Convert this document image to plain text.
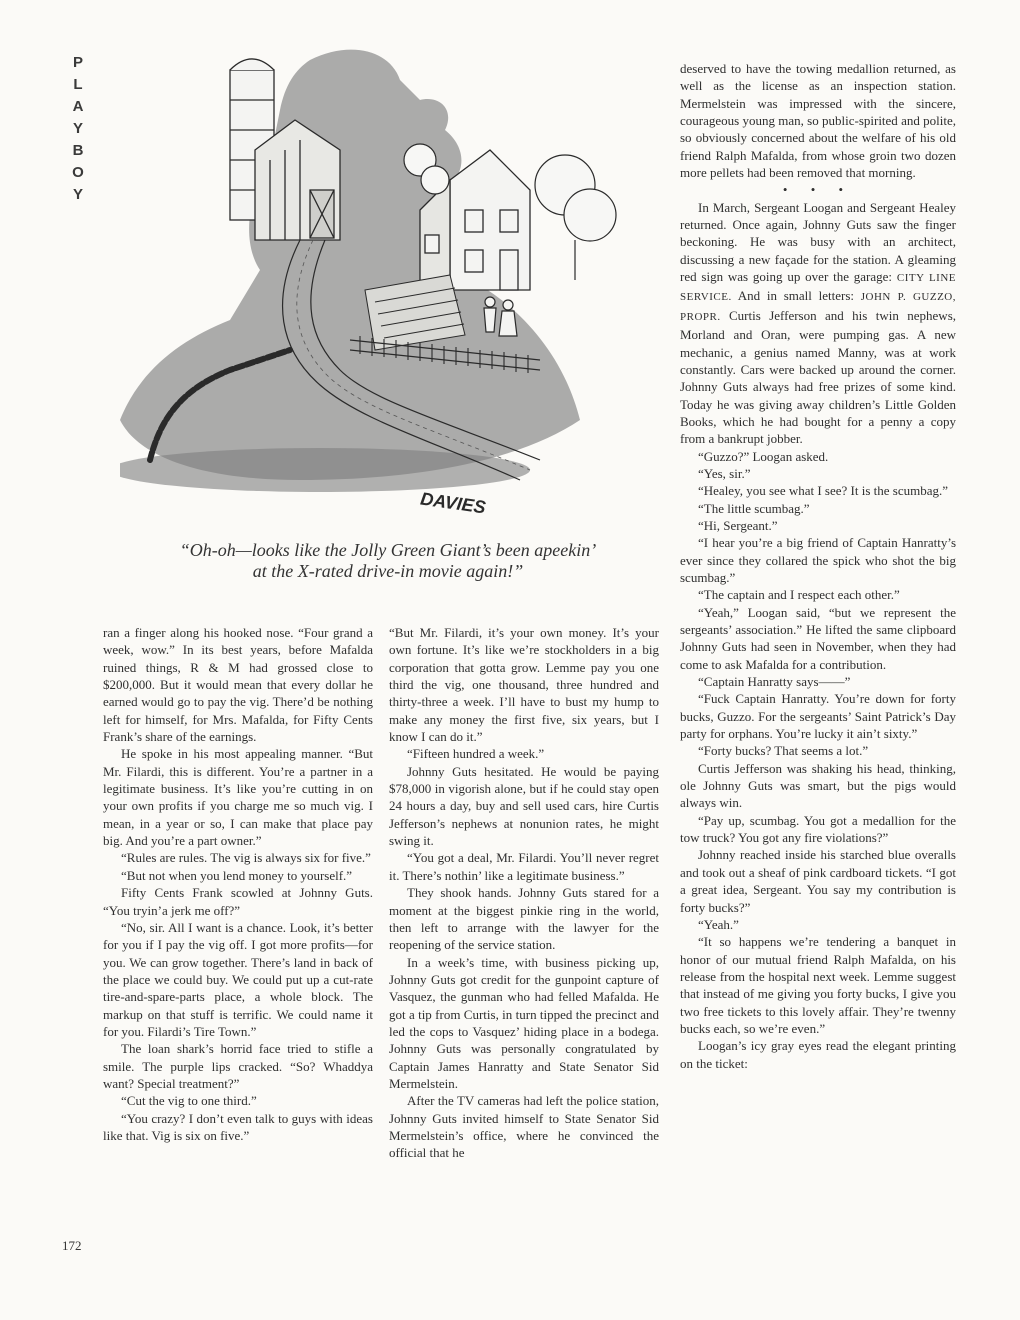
P
L
A
Y
B
O
Y
DAVIES
“Oh-oh—looks like the Jolly Green Giant’s been apeekin’
at the X-rated drive-in movie again!”

ran a finger along his hooked nose. “Four grand a week, wow.” In its best years, before Mafalda ruined things, R & M had grossed close to $200,000. But it would mean that every dollar he earned would go to pay the vig. There’d be nothing left for himself, for Mrs. Mafalda, for Fifty Cents Frank’s share of the earnings.

He spoke in his most appealing manner. “But Mr. Filardi, this is different. You’re a partner in a legitimate business. It’s like you’re cutting in on your own profits if you charge me so much vig. I mean, in a year or so, I can make that place pay big. And you’re a part owner.”

“Rules are rules. The vig is always six for five.”

“But not when you lend money to yourself.”

Fifty Cents Frank scowled at Johnny Guts. “You tryin’a jerk me off?”

“No, sir. All I want is a chance. Look, it’s better for you if I pay the vig off. I got more profits—for you. We can grow together. There’s land in back of the place we could buy. We could put up a cut-rate tire-and-spare-parts place, a whole block. The markup on that stuff is terrific. We could name it for you. Filardi’s Tire Town.”

The loan shark’s horrid face tried to stifle a smile. The purple lips cracked. “So? Whaddya want? Special treatment?”

“Cut the vig to one third.”

“You crazy? I don’t even talk to guys with ideas like that. Vig is six on five.”

“But Mr. Filardi, it’s your own money. It’s your own fortune. It’s like we’re stockholders in a big corporation that gotta grow. Lemme pay you one third the vig, one thousand, three hundred and thirty-three a week. I’ll have to bust my hump to make any money the first five, six years, but I know I can do it.”

“Fifteen hundred a week.”

Johnny Guts hesitated. He would be paying $78,000 in vigorish alone, but if he could stay open 24 hours a day, buy and sell used cars, hire Curtis Jefferson’s nephews at nonunion rates, he might swing it.

“You got a deal, Mr. Filardi. You’ll never regret it. There’s nothin’ like a legitimate business.”

They shook hands. Johnny Guts stared for a moment at the biggest pinkie ring in the world, then left to arrange with the lawyer for the reopening of the service station.

In a week’s time, with business picking up, Johnny Guts got credit for the gunpoint capture of Vasquez, the gunman who had felled Mafalda. He got a tip from Curtis, in turn tipped the precinct and led the cops to Vasquez’ hiding place in a bodega. Johnny Guts was personally congratulated by Captain James Hanratty and State Senator Sid Mermelstein.

After the TV cameras had left the police station, Johnny Guts invited himself to State Senator Sid Mermelstein’s office, where he convinced the official that he

deserved to have the towing medallion returned, as well as the license as an inspection station. Mermelstein was impressed with the sincere, courageous young man, so public-spirited and polite, so obviously concerned about the welfare of his old friend Ralph Mafalda, from whose groin two dozen more pellets had been removed that morning.

• • •

In March, Sergeant Loogan and Sergeant Healey returned. Once again, Johnny Guts saw the finger beckoning. He was busy with an architect, discussing a new façade for the station. A gleaming red sign was going up over the garage: CITY LINE SERVICE. And in small letters: JOHN P. GUZZO, PROPR. Curtis Jefferson and his twin nephews, Morland and Oran, were pumping gas. A new mechanic, a genius named Manny, was at work constantly. Cars were backed up around the corner. Johnny Guts always had free prizes of some kind. Today he was giving away children’s Little Golden Books, which he had bought for a penny a copy from a bankrupt jobber.

“Guzzo?” Loogan asked.

“Yes, sir.”

“Healey, you see what I see? It is the scumbag.”

“The little scumbag.”

“Hi, Sergeant.”

“I hear you’re a big friend of Captain Hanratty’s ever since they collared the spick who shot the big scumbag.”

“The captain and I respect each other.”

“Yeah,” Loogan said, “but we represent the sergeants’ association.” He lifted the same clipboard Johnny Guts had seen in November, when they had come to ask Mafalda for a contribution.

“Captain Hanratty says——”

“Fuck Captain Hanratty. You’re down for forty bucks, Guzzo. For the sergeants’ Saint Patrick’s Day party for orphans. You’re lucky it ain’t sixty.”

“Forty bucks? That seems a lot.”

Curtis Jefferson was shaking his head, thinking, ole Johnny Guts was smart, but the pigs would always win.

“Pay up, scumbag. You got a medallion for the tow truck? You got any fire violations?”

Johnny reached inside his starched blue overalls and took out a sheaf of pink cardboard tickets. “I got a great idea, Sergeant. You say my contribution is forty bucks?”

“Yeah.”

“It so happens we’re tendering a banquet in honor of our mutual friend Ralph Mafalda, on his release from the hospital next week. Lemme suggest that instead of me giving you forty bucks, I give you two free tickets to this lovely affair. They’re twenny bucks each, so we’re even.”

Loogan’s icy gray eyes read the elegant printing on the ticket:

172
